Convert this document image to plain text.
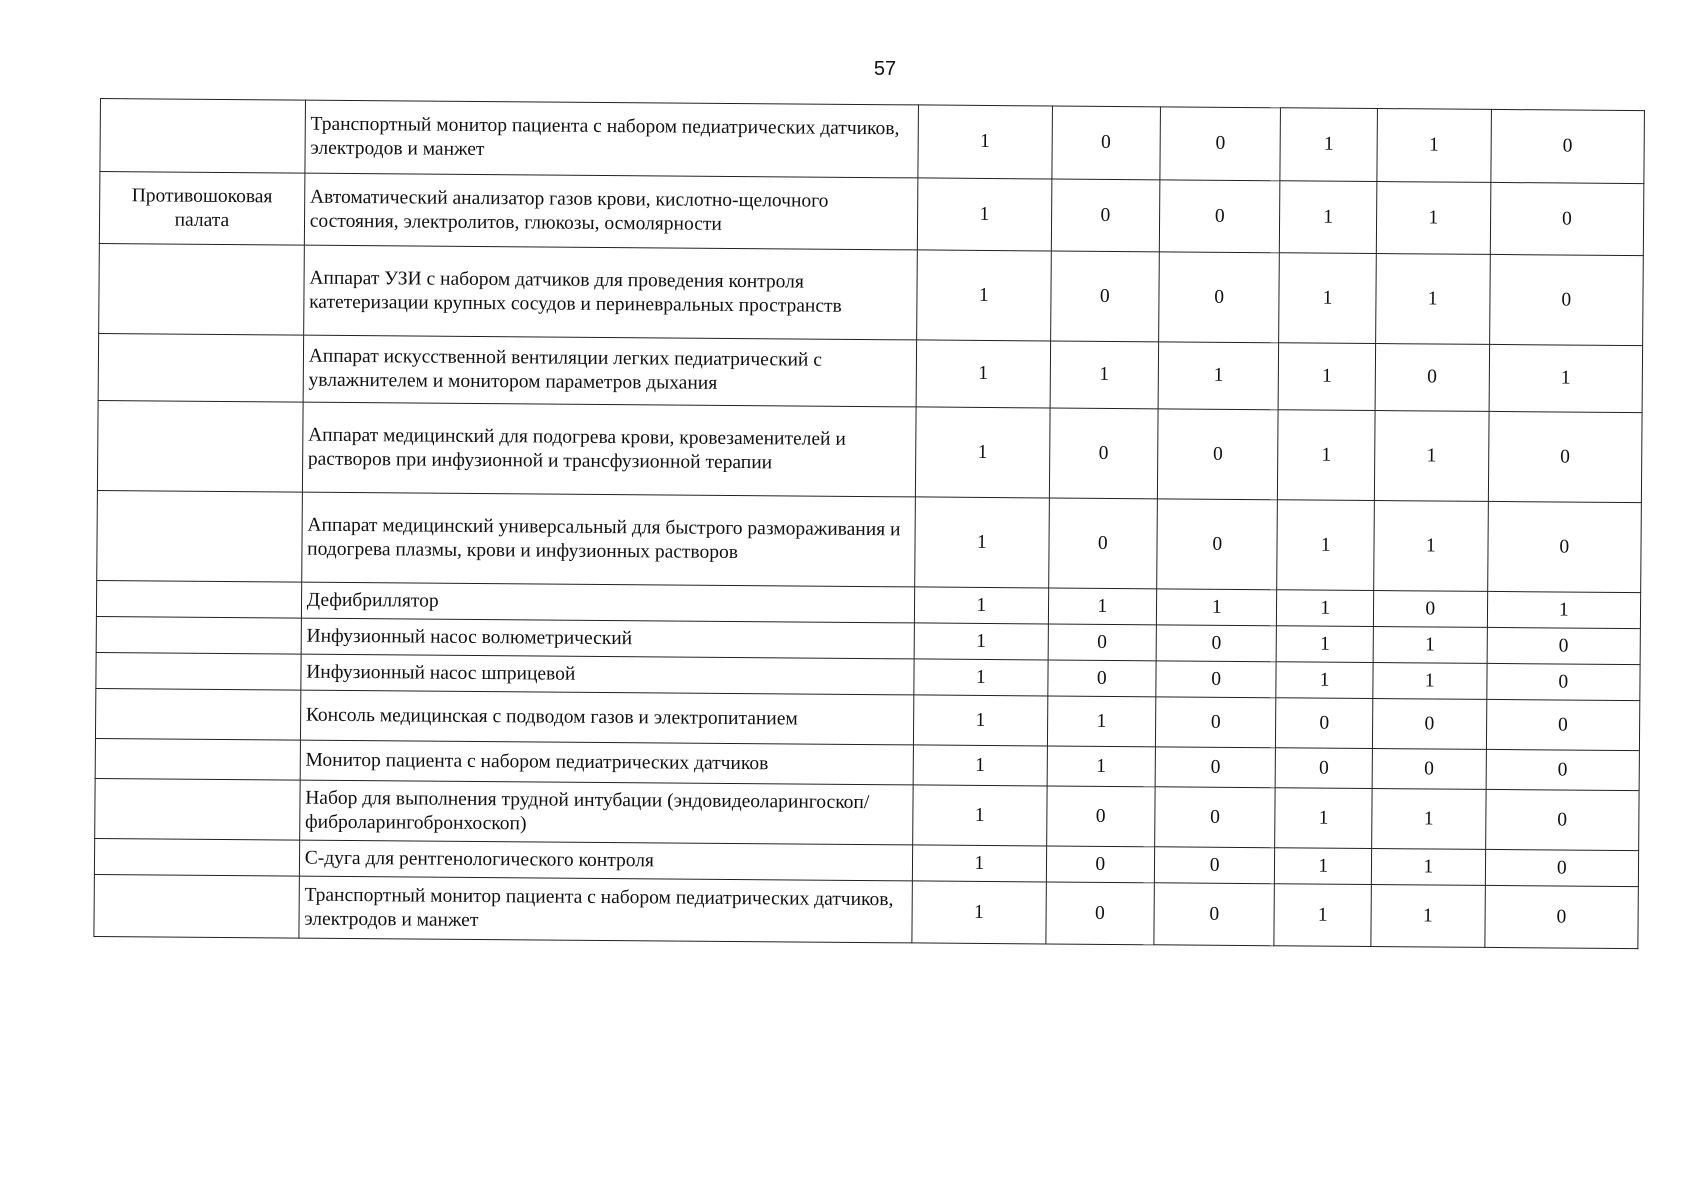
57
	Транспортный монитор пациента с набором педиатрических датчиков, электродов и манжет	1	0	0	1	1	0
Противошоковая палата	Автоматический анализатор газов крови, кислотно-щелочного состояния, электролитов, глюкозы, осмолярности	1	0	0	1	1	0
	Аппарат УЗИ с набором датчиков для проведения контроля катетеризации крупных сосудов и периневральных пространств	1	0	0	1	1	0
	Аппарат искусственной вентиляции легких педиатрический с увлажнителем и монитором параметров дыхания	1	1	1	1	0	1
	Аппарат медицинский для подогрева крови, кровезаменителей и растворов при инфузионной и трансфузионной терапии	1	0	0	1	1	0
	Аппарат медицинский универсальный для быстрого размораживания и подогрева плазмы, крови и инфузионных растворов	1	0	0	1	1	0
	Дефибриллятор	1	1	1	1	0	1
	Инфузионный насос волюметрический	1	0	0	1	1	0
	Инфузионный насос шприцевой	1	0	0	1	1	0
	Консоль медицинская с подводом газов и электропитанием	1	1	0	0	0	0
	Монитор пациента с набором педиатрических датчиков	1	1	0	0	0	0
	Набор для выполнения трудной интубации (эндовидеоларингоскоп/фиброларингобронхоскоп)	1	0	0	1	1	0
	С-дуга для рентгенологического контроля	1	0	0	1	1	0
	Транспортный монитор пациента с набором педиатрических датчиков, электродов и манжет	1	0	0	1	1	0
